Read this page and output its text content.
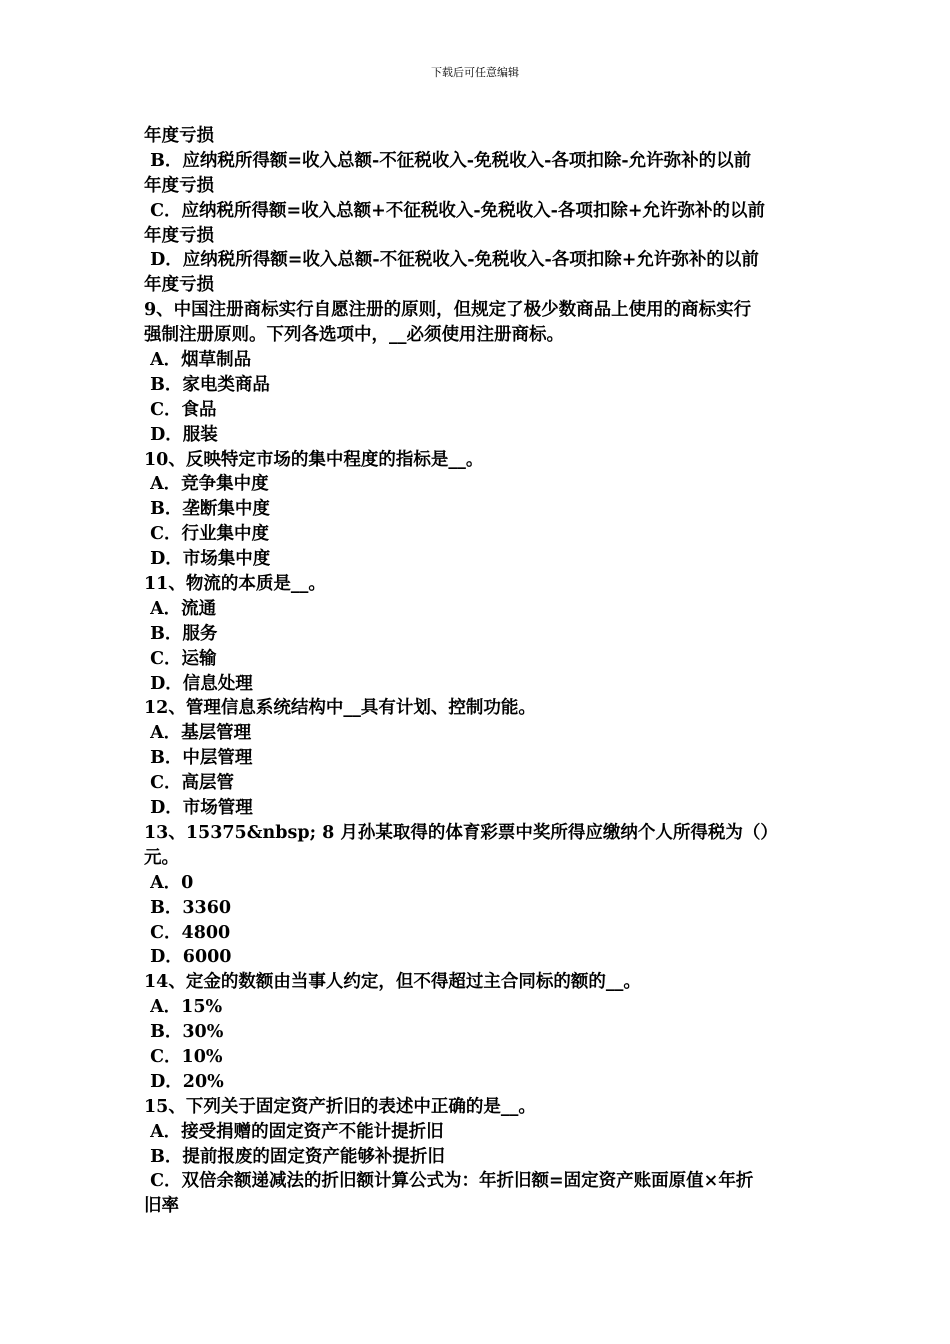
下载后可任意编辑
年度亏损
B．应纳税所得额=收入总额-不征税收入-免税收入-各项扣除-允许弥补的以前
年度亏损
C．应纳税所得额=收入总额+不征税收入-免税收入-各项扣除+允许弥补的以前
年度亏损
D．应纳税所得额=收入总额-不征税收入-免税收入-各项扣除+允许弥补的以前
年度亏损
9、中国注册商标实行自愿注册的原则，但规定了极少数商品上使用的商标实行
强制注册原则。下列各选项中，__必须使用注册商标。
A．烟草制品
B．家电类商品
C．食品
D．服装
10、反映特定市场的集中程度的指标是__。
A．竞争集中度
B．垄断集中度
C．行业集中度
D．市场集中度
11、物流的本质是__。
A．流通
B．服务
C．运输
D．信息处理
12、管理信息系统结构中__具有计划、控制功能。
A．基层管理
B．中层管理
C．高层管
D．市场管理
13、15375&nbsp; 8 月孙某取得的体育彩票中奖所得应缴纳个人所得税为（）
元。
A．0
B．3360
C．4800
D．6000
14、定金的数额由当事人约定，但不得超过主合同标的额的__。
A．15%
B．30%
C．10%
D．20%
15、下列关于固定资产折旧的表述中正确的是__。
A．接受捐赠的固定资产不能计提折旧
B．提前报废的固定资产能够补提折旧
C．双倍余额递减法的折旧额计算公式为：年折旧额=固定资产账面原值×年折
旧率
